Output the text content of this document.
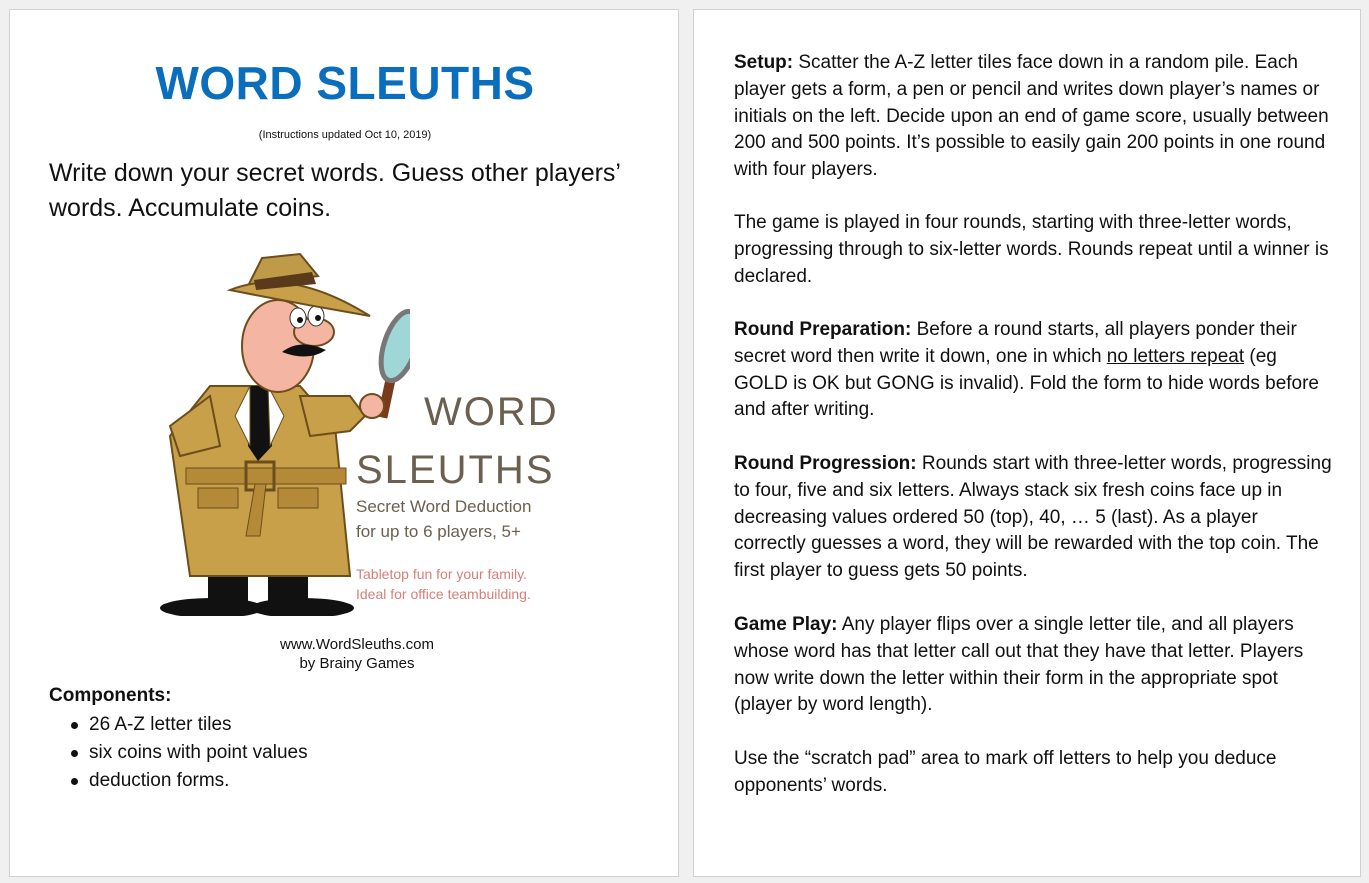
WORD SLEUTHS
(Instructions updated Oct 10, 2019)
Write down your secret words. Guess other players’ words. Accumulate coins.
WORD
SLEUTHS
Secret Word Deduction
for up to 6 players, 5+
Tabletop fun for your family.
Ideal for office teambuilding.
www.WordSleuths.com
by Brainy Games
Components:
26 A-Z letter tiles
six coins with point values
deduction forms.

Setup: Scatter the A-Z letter tiles face down in a random pile. Each player gets a form, a pen or pencil and writes down player’s names or initials on the left. Decide upon an end of game score, usually between 200 and 500 points. It’s possible to easily gain 200 points in one round with four players.

The game is played in four rounds, starting with three-letter words, progressing through to six-letter words. Rounds repeat until a winner is declared.

Round Preparation: Before a round starts, all players ponder their secret word then write it down, one in which no letters repeat (eg GOLD is OK but GONG is invalid). Fold the form to hide words before and after writing.

Round Progression: Rounds start with three-letter words, progressing to four, five and six letters. Always stack six fresh coins face up in decreasing values ordered 50 (top), 40, … 5 (last). As a player correctly guesses a word, they will be rewarded with the top coin. The first player to guess gets 50 points.

Game Play: Any player flips over a single letter tile, and all players whose word has that letter call out that they have that letter. Players now write down the letter within their form in the appropriate spot (player by word length).

Use the “scratch pad” area to mark off letters to help you deduce opponents’ words.
